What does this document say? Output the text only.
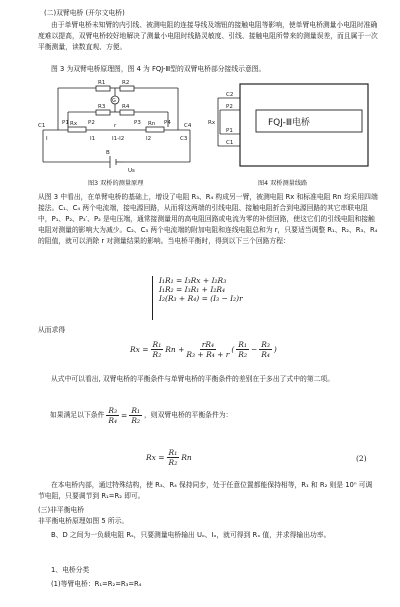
(二)双臂电桥 (开尔文电桥)

由于单臂电桥未知臂的内引线、被测电阻的连接导线及端钮的接触电阻等影响，使单臂电桥测量小电阻时准确度难以提高，双臂电桥较好地解决了测量小电阻时线路灵敏度、引线、接触电阻所带来的测量误差，而且属于一次平衡测量，读数直观、方便。

图 3 为双臂电桥原理图，图 4 为 FQJ-Ⅲ型的双臂电桥部分接线示意图。

R1	R2
R3	R4
G
Rx	Rn
C1	C4
P1	P2	P3	P4
r
I1	I1-I2	I2
B
Us
I	C3
图3 双桥的测量原理
FQJ-Ⅲ电桥
C2
P2
P1
C1
Rx
图4 双桥测量线路

从图 3 中看出，在单臂电桥的基础上，增设了电阻 R₃、R₄ 构成另一臂，被测电阻 Rx 和标准电阻 Rn 均采用四端接法。C₁、C₄ 两个电流端，接电源回路，从而将这两端的引线电阻、接触电阻折合到电源回路的其它串联电阻中，P₁、P₂、P₃′、P₂ 是电压端，通常接测量用的高电阻回路或电流为零的补偿回路，使这它们的引线电阻和接触电阻对测量的影响大为减少。C₂、C₃ 两个电流端的附加电阻和连线电阻总和为 r，只要适当调整 R₁、R₂、R₃、R₄ 的阻值，就可以消除 r 对测量结果的影响。当电桥平衡时，得到以下三个回路方程：

I₁R₁ = I₃Rx + I₂R₃
I₁R₂ = I₃R₁ + I₂R₄
I₂(R₃ + R₄) = (I₃ − I₂)r

从而求得

$Rx = \frac{\text{R₁}}{\text{R₂}}$ $Rn + \frac{\text{rR₄}}{\text{R₃ + R₄ + r}}$ ( $\frac{\text{R₁}}{\text{R₂}} - \frac{\text{R₃}}{\text{R₄}}$ )

从式中可以看出, 双臂电桥的平衡条件与单臂电桥的平衡条件的差别在于多出了式中的第二项。

如果满足以下条件 $\frac{\text{R₃}}{\text{R₄}} = \frac{\text{R₁}}{\text{R₂}}$ ，则双臂电桥的平衡条件为：
$Rx = \frac{\text{R₁}}{\text{R₂}}$ Rn	(2)

在本电桥内部，通过特殊结构，使 R₃、R₄ 保持同步，处于任意位置都能保持相等，R₁ 和 R₂ 则是 10ⁿ 可调节电阻，只要调节到 R₁=R₂ 即可。

(三)非平衡电桥

非平衡电桥原理如图 5 所示。

B、D 之间为一负载电阻 Rₛ，只要测量电桥输出 Uₒ、Iₒ，就可得到 Rₓ 值，并求得输出功率。

1、电桥分类

(1)等臂电桥：R₁=R₂=R₃=R₄
